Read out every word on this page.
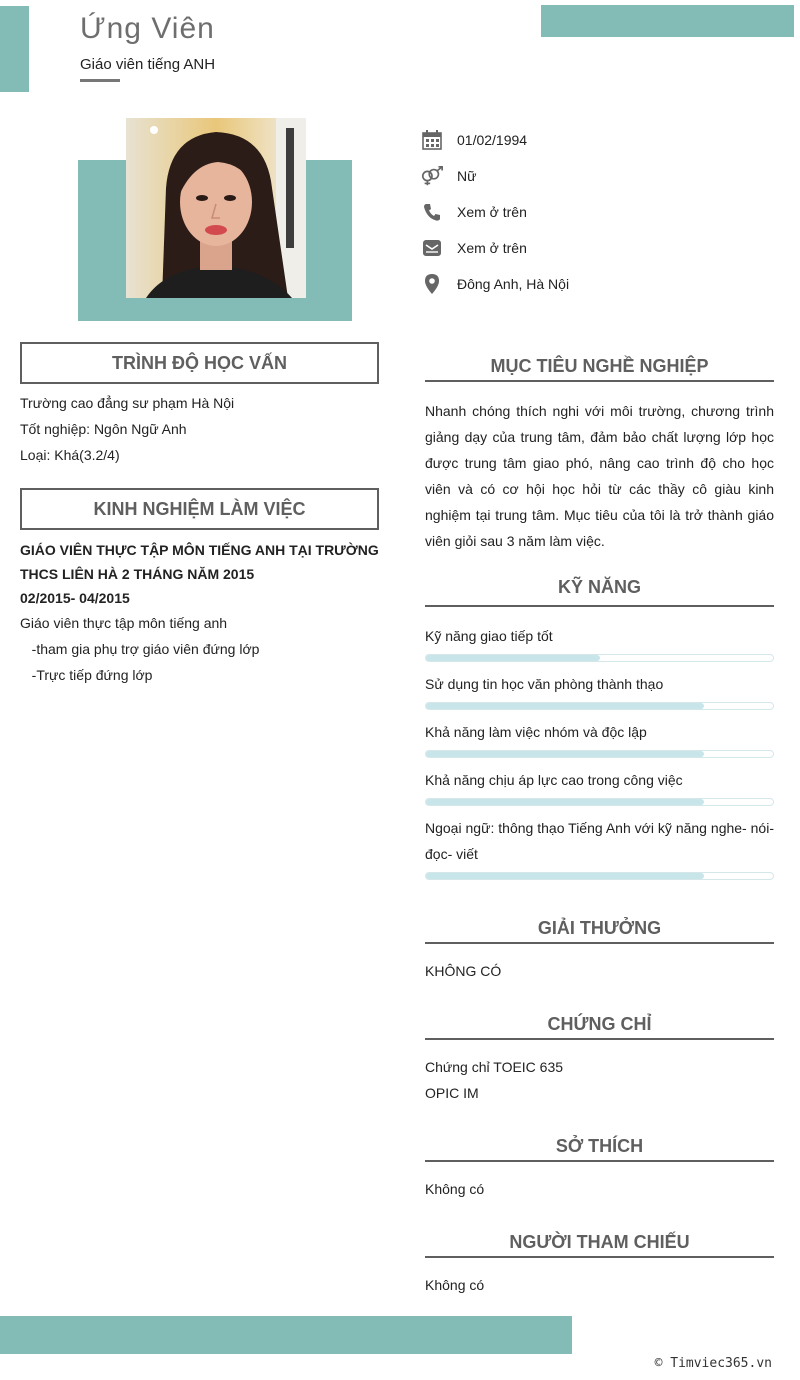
Ứng Viên
Giáo viên tiếng ANH
01/02/1994
Nữ
Xem ở trên
Xem ở trên
Đông Anh, Hà Nội
TRÌNH ĐỘ HỌC VẤN
Trường cao đẳng sư phạm Hà Nội
Tốt nghiệp: Ngôn Ngữ Anh
Loại: Khá(3.2/4)
KINH NGHIỆM LÀM VIỆC
GIÁO VIÊN THỰC TẬP MÔN TIẾNG ANH TẠI TRƯỜNG
THCS LIÊN HÀ 2 THÁNG NĂM 2015
02/2015- 04/2015
Giáo viên thực tập môn tiếng anh
-tham gia phụ trợ giáo viên đứng lớp
-Trực tiếp đứng lớp
MỤC TIÊU NGHỀ NGHIỆP
Nhanh chóng thích nghi với môi trường, chương trình giảng dạy của trung tâm, đảm bảo chất lượng lớp học được trung tâm giao phó, nâng cao trình độ cho học viên và có cơ hội học hỏi từ các thầy cô giàu kinh nghiệm tại trung tâm. Mục tiêu của tôi là trở thành giáo viên giỏi sau 3 năm làm việc.
KỸ NĂNG
Kỹ năng giao tiếp tốt
Sử dụng tin học văn phòng thành thạo
Khả năng làm việc nhóm và độc lập
Khả năng chịu áp lực cao trong công việc
Ngoại ngữ: thông thạo Tiếng Anh với kỹ năng nghe- nói- đọc- viết
GIẢI THƯỞNG
KHÔNG CÓ
CHỨNG CHỈ
Chứng chỉ TOEIC 635
OPIC IM
SỞ THÍCH
Không có
NGƯỜI THAM CHIẾU
Không có
© Timviec365.vn
